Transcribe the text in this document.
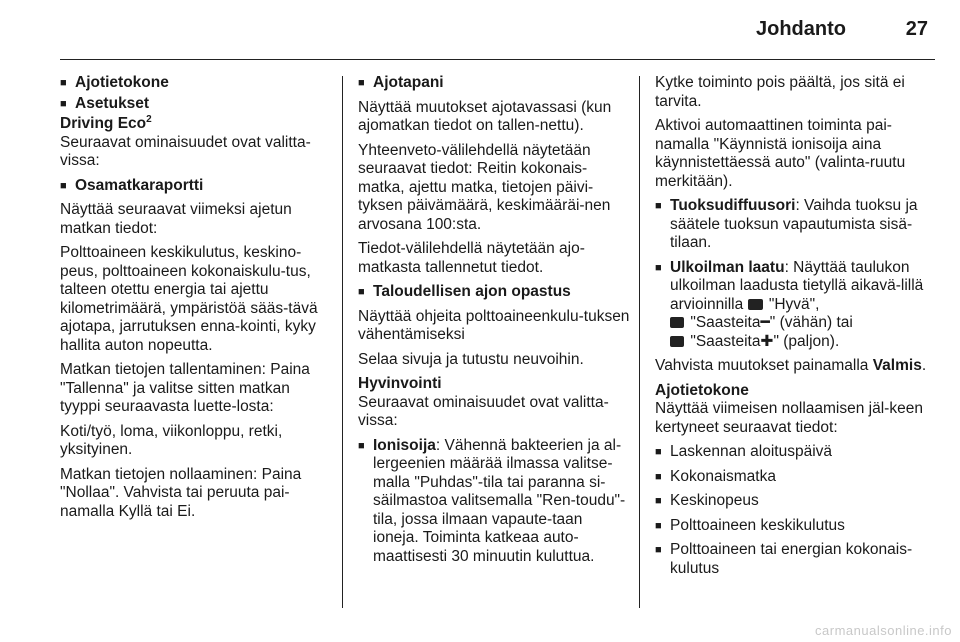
Johdanto	27
■ Ajotietokone
■ Asetukset
Driving Eco$^2$

Seuraavat ominaisuudet ovat valitta-vissa:

■ Osamatkaraportti

Näyttää seuraavat viimeksi ajetun matkan tiedot:

Polttoaineen keskikulutus, keskino-peus, polttoaineen kokonaiskulu-tus, talteen otettu energia tai ajettu kilometrimäärä, ympäristöä sääs-tävä ajotapa, jarrutuksen enna-kointi, kyky hallita auton nopeutta.

Matkan tietojen tallentaminen: Paina "Tallenna" ja valitse sitten matkan tyyppi seuraavasta luette-losta:

Koti/työ, loma, viikonloppu, retki, yksityinen.

Matkan tietojen nollaaminen: Paina "Nollaa". Vahvista tai peruuta pai-namalla Kyllä tai Ei.

■ Ajotapani

Näyttää muutokset ajotavassasi (kun ajomatkan tiedot on tallen-nettu).

Yhteenveto-välilehdellä näytetään seuraavat tiedot: Reitin kokonais-matka, ajettu matka, tietojen päivi-tyksen päivämäärä, keskimääräi-nen arvosana 100:sta.

Tiedot-välilehdellä näytetään ajo-matkasta tallennetut tiedot.

■ Taloudellisen ajon opastus

Näyttää ohjeita polttoaineenkulu-tuksen vähentämiseksi

Selaa sivuja ja tutustu neuvoihin.

Hyvinvointi

Seuraavat ominaisuudet ovat valitta-vissa:

■ Ionisoija: Vähennä bakteerien ja al-lergeenien määrää ilmassa valitse-malla "Puhdas"-tila tai paranna si-säilmastoa valitsemalla "Ren-toudu"-tila, jossa ilmaan vapaute-taan ioneja. Toiminta katkeaa auto-maattisesti 30 minuutin kuluttua.

Kytke toiminto pois päältä, jos sitä ei tarvita.

Aktivoi automaattinen toiminta pai-namalla "Käynnistä ionisoija aina käynnistettäessä auto" (valinta-ruutu merkitään).

■ Tuoksudiffuusori: Vaihda tuoksu ja säätele tuoksun vapautumista sisä-tilaan.
■ Ulkoilman laatu: Näyttää taulukon ulkoilman laadusta tietyllä aikavä-lillä arvioinnilla "Hyvä",
"Saasteita━" (vähän) tai
"Saasteita✚" (paljon).

Vahvista muutokset painamalla Valmis.

Ajotietokone

Näyttää viimeisen nollaamisen jäl-keen kertyneet seuraavat tiedot:

■ Laskennan aloituspäivä
■ Kokonaismatka
■ Keskinopeus
■ Polttoaineen keskikulutus
■ Polttoaineen tai energian kokonais-kulutus
carmanualsonline.info
